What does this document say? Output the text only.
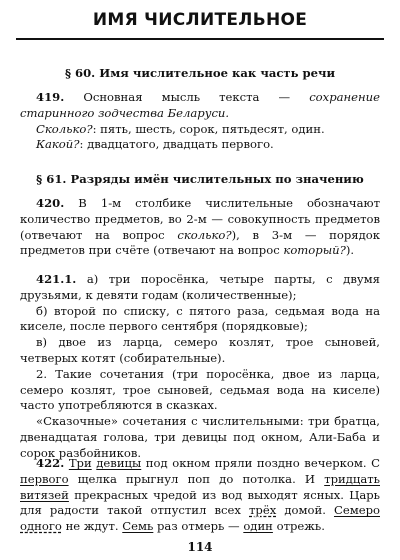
ИМЯ ЧИСЛИТЕЛЬНОЕ
§ 60. Имя числительное как часть речи

419. Основная мысль текста — сохранение старинного зодчества Беларуси.

Сколько?: пять, шесть, сорок, пятьдесят, один.

Какой?: двадцатого, двадцать первого.

§ 61. Разряды имён числительных по значению

420. В 1-м столбике числительные обозначают количество предметов, во 2-м — совокупность предметов (отвечают на вопрос сколько?), в 3-м — порядок предметов при счёте (отвечают на вопрос который?).

421.1. а) три поросёнка, четыре парты, с двумя друзьями, к девяти годам (количественные);

б) второй по списку, с пятого раза, седьмая вода на киселе, после первого сентября (порядковые);

в) двое из ларца, семеро козлят, трое сыновей, четверых котят (собирательные).

2. Такие сочетания (три поросёнка, двое из ларца, семеро козлят, трое сыновей, седьмая вода на киселе) часто употребляются в сказках.

«Сказочные» сочетания с числительными: три братца, двенадцатая голова, три девицы под окном, Али-Баба и сорок разбойников.

422. Три девицы под окном пряли поздно вечерком. С первого щелка прыгнул поп до потолка. И тридцать витязей прекрасных чредой из вод выходят ясных. Царь для радости такой отпустил всех трёх домой. Семеро одного не ждут. Семь раз отмерь — один отрежь.

114
